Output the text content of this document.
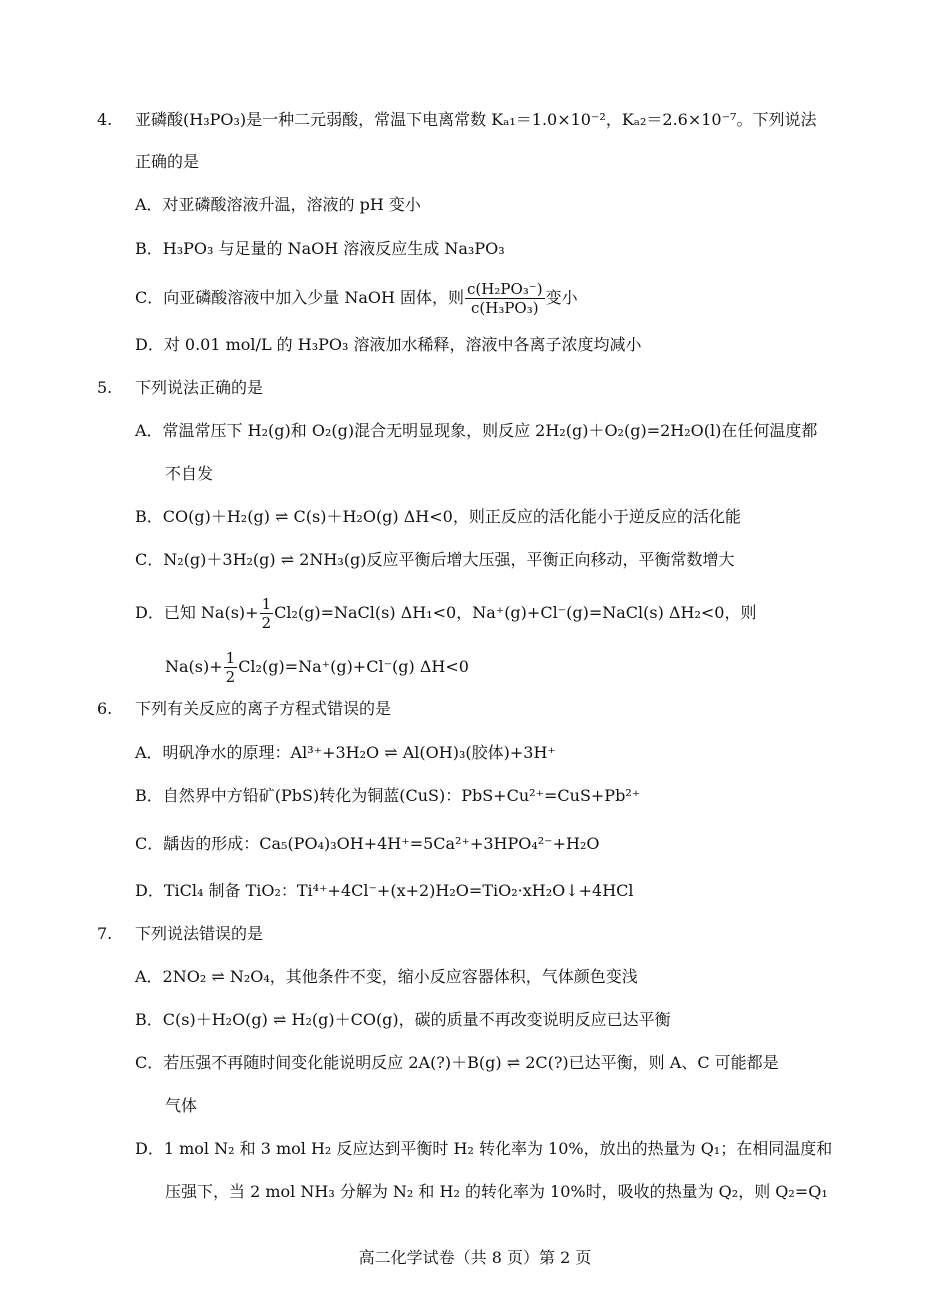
4. 亚磷酸(H₃PO₃)是一种二元弱酸，常温下电离常数 Kₐ₁＝1.0×10⁻²，Kₐ₂＝2.6×10⁻⁷。下列说法
正确的是
A．对亚磷酸溶液升温，溶液的 pH 变小
B．H₃PO₃ 与足量的 NaOH 溶液反应生成 Na₃PO₃
C．向亚磷酸溶液中加入少量 NaOH 固体，则 $\frac{\text{c(H₂PO₃⁻)}}{\text{c(H₃PO₃)}}$ 变小
D．对 0.01 mol/L 的 H₃PO₃ 溶液加水稀释，溶液中各离子浓度均减小
5. 下列说法正确的是
A．常温常压下 H₂(g)和 O₂(g)混合无明显现象，则反应 2H₂(g)＋O₂(g)=2H₂O(l)在任何温度都
不自发
B．CO(g)＋H₂(g) ⇌ C(s)＋H₂O(g) ΔH<0，则正反应的活化能小于逆反应的活化能
C．N₂(g)＋3H₂(g) ⇌ 2NH₃(g)反应平衡后增大压强，平衡正向移动，平衡常数增大
D．已知 $Na(s)+ \frac{1}{2}$ Cl₂(g)=NaCl(s) ΔH₁<0，Na⁺(g)+Cl⁻(g)=NaCl(s) ΔH₂<0，则
$Na(s)+ \frac{1}{2} Cl_2(g)=Na^+(g)+Cl^-(g)$ ΔH<0
6. 下列有关反应的离子方程式错误的是
A．明矾净水的原理：Al³⁺+3H₂O ⇌ Al(OH)₃(胶体)+3H⁺
B．自然界中方铅矿(PbS)转化为铜蓝(CuS)：PbS+Cu²⁺=CuS+Pb²⁺
C．龋齿的形成：Ca₅(PO₄)₃OH+4H⁺=5Ca²⁺+3HPO₄²⁻+H₂O
D．TiCl₄ 制备 TiO₂：Ti⁴⁺+4Cl⁻+(x+2)H₂O=TiO₂·xH₂O↓+4HCl
7. 下列说法错误的是
A．2NO₂ ⇌ N₂O₄，其他条件不变，缩小反应容器体积，气体颜色变浅
B．C(s)＋H₂O(g) ⇌ H₂(g)＋CO(g)，碳的质量不再改变说明反应已达平衡
C．若压强不再随时间变化能说明反应 2A(?)＋B(g) ⇌ 2C(?)已达平衡，则 A、C 可能都是
气体
D．1 mol N₂ 和 3 mol H₂ 反应达到平衡时 H₂ 转化率为 10%，放出的热量为 Q₁；在相同温度和
压强下，当 2 mol NH₃ 分解为 N₂ 和 H₂ 的转化率为 10%时，吸收的热量为 Q₂，则 Q₂=Q₁
高二化学试卷（共 8 页）第 2 页
